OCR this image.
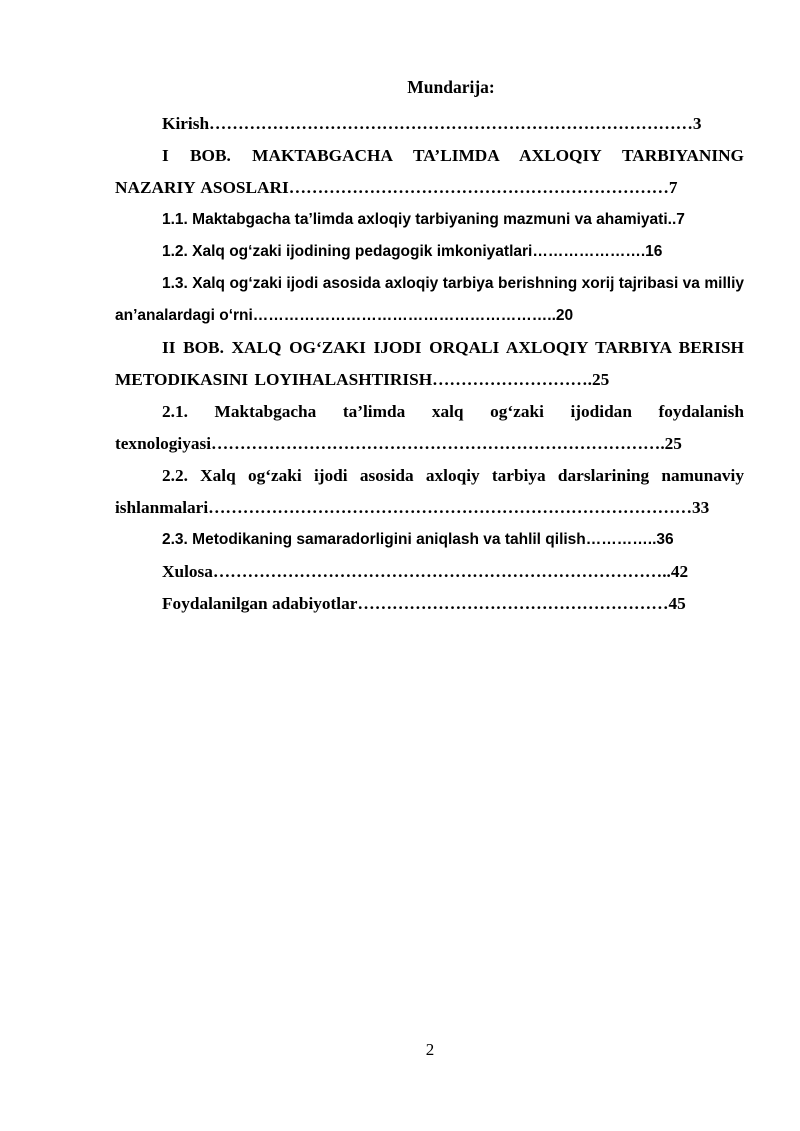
Mundarija:

Kirish…………………………………………………………………………3

I BOB. MAKTABGACHA TA’LIMDA AXLOQIY TARBIYANING NAZARIY ASOSLARI…………………………………………………………7

1.1. Maktabgacha ta’limda axloqiy tarbiyaning mazmuni va ahamiyati..7

1.2. Xalq og‘zaki ijodining pedagogik imkoniyatlari………………….16

1.3. Xalq og‘zaki ijodi asosida axloqiy tarbiya berishning xorij tajribasi va milliy an’analardagi o‘rni…………………………………………………..20

II BOB. XALQ OG‘ZAKI IJODI ORQALI AXLOQIY TARBIYA BERISH METODIKASINI LOYIHALASHTIRISH……………………….25

2.1. Maktabgacha ta’limda xalq og‘zaki ijodidan foydalanish texnologiyasi…………………………………………………………………….25

2.2. Xalq og‘zaki ijodi asosida axloqiy tarbiya darslarining namunaviy ishlanmalari…………………………………………………………………………33

2.3. Metodikaning samaradorligini aniqlash va tahlil qilish…………..36

Xulosa……………………………………………………………………..42

Foydalanilgan adabiyotlar………………………………………………45

2
